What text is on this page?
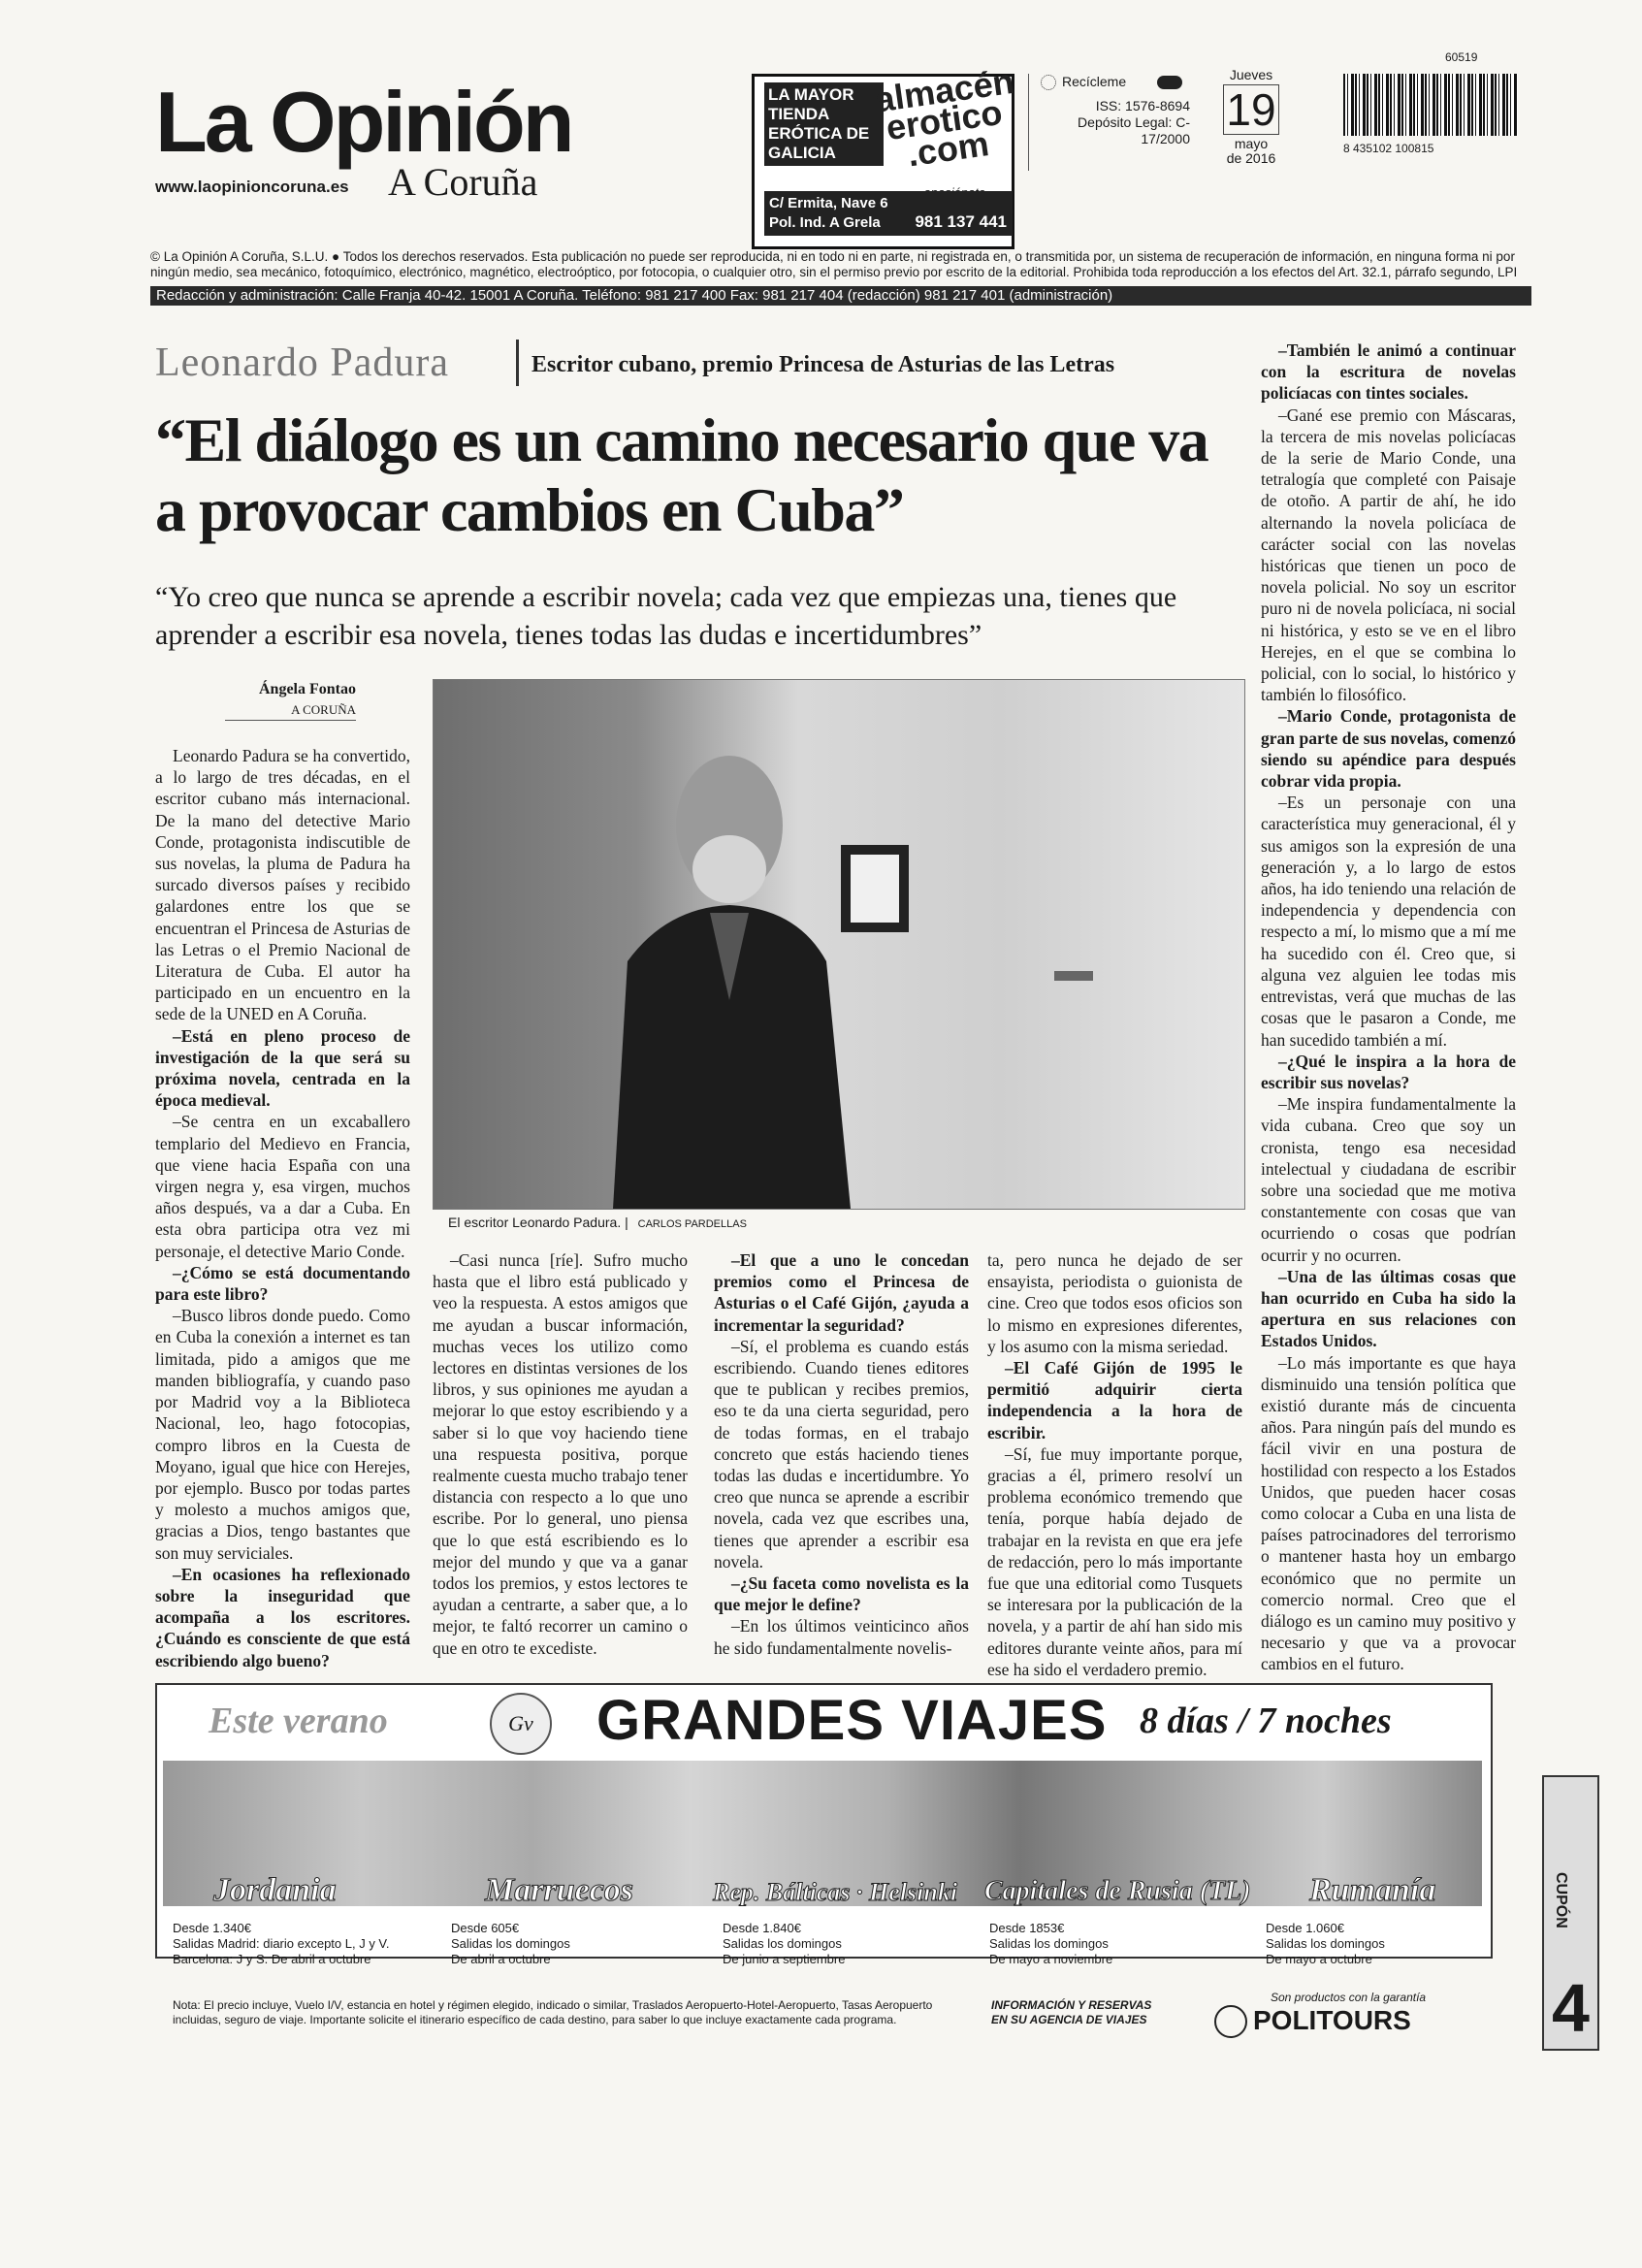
La Opinión
A Coruña
www.laopinioncoruna.es
LA MAYOR TIENDA ERÓTICA DE GALICIA
almacén erotico .com
C/ Ermita, Nave 6 Pol. Ind. A Grela	981 137 441
Recícleme
ISS: 1576-8694
Depósito Legal: C-17/2000
Jueves
19
mayo
de 2016
60519
8 435102 100815
© La Opinión A Coruña, S.L.U. ● Todos los derechos reservados. Esta publicación no puede ser reproducida, ni en todo ni en parte, ni registrada en, o transmitida por, un sistema de recuperación de información, en ninguna forma ni por ningún medio, sea mecánico, fotoquímico, electrónico, magnético, electroóptico, por fotocopia, o cualquier otro, sin el permiso previo por escrito de la editorial. Prohibida toda reproducción a los efectos del Art. 32.1, párrafo segundo, LPI
Redacción y administración: Calle Franja 40-42. 15001 A Coruña. Teléfono: 981 217 400 Fax: 981 217 404 (redacción) 981 217 401 (administración)
Leonardo Padura	Escritor cubano, premio Princesa de Asturias de las Letras
“El diálogo es un camino necesario que va a provocar cambios en Cuba”
“Yo creo que nunca se aprende a escribir novela; cada vez que empiezas una, tienes que aprender a escribir esa novela, tienes todas las dudas e incertidumbres”
Ángela Fontao
A CORUÑA
El escritor Leonardo Padura. | CARLOS PARDELLAS

Leonardo Padura se ha convertido, a lo largo de tres décadas, en el escritor cubano más internacional. De la mano del detective Mario Conde, protagonista indiscutible de sus novelas, la pluma de Padura ha surcado diversos países y recibido galardones entre los que se encuentran el Princesa de Asturias de las Letras o el Premio Nacional de Literatura de Cuba. El autor ha participado en un encuentro en la sede de la UNED en A Coruña.

–Está en pleno proceso de investigación de la que será su próxima novela, centrada en la época medieval.

–Se centra en un excaballero templario del Medievo en Francia, que viene hacia España con una virgen negra y, esa virgen, muchos años después, va a dar a Cuba. En esta obra participa otra vez mi personaje, el detective Mario Conde.

–¿Cómo se está documentando para este libro?

–Busco libros donde puedo. Como en Cuba la conexión a internet es tan limitada, pido a amigos que me manden bibliografía, y cuando paso por Madrid voy a la Biblioteca Nacional, leo, hago fotocopias, compro libros en la Cuesta de Moyano, igual que hice con Herejes, por ejemplo. Busco por todas partes y molesto a muchos amigos que, gracias a Dios, tengo bastantes que son muy serviciales.

–En ocasiones ha reflexionado sobre la inseguridad que acompaña a los escritores. ¿Cuándo es consciente de que está escribiendo algo bueno?

–Casi nunca [ríe]. Sufro mucho hasta que el libro está publicado y veo la respuesta. A estos amigos que me ayudan a buscar información, muchas veces los utilizo como lectores en distintas versiones de los libros, y sus opiniones me ayudan a mejorar lo que estoy escribiendo y a saber si lo que voy haciendo tiene una respuesta positiva, porque realmente cuesta mucho trabajo tener distancia con respecto a lo que uno escribe. Por lo general, uno piensa que lo que está escribiendo es lo mejor del mundo y que va a ganar todos los premios, y estos lectores te ayudan a centrarte, a saber que, a lo mejor, te faltó recorrer un camino o que en otro te excediste.

–El que a uno le concedan premios como el Princesa de Asturias o el Café Gijón, ¿ayuda a incrementar la seguridad?

–Sí, el problema es cuando estás escribiendo. Cuando tienes editores que te publican y recibes premios, eso te da una cierta seguridad, pero de todas formas, en el trabajo concreto que estás haciendo tienes todas las dudas e incertidumbre. Yo creo que nunca se aprende a escribir novela, cada vez que escribes una, tienes que aprender a escribir esa novela.

–¿Su faceta como novelista es la que mejor le define?

–En los últimos veinticinco años he sido fundamentalmente novelis-

ta, pero nunca he dejado de ser ensayista, periodista o guionista de cine. Creo que todos esos oficios son lo mismo en expresiones diferentes, y los asumo con la misma seriedad.

–El Café Gijón de 1995 le permitió adquirir cierta independencia a la hora de escribir.

–Sí, fue muy importante porque, gracias a él, primero resolví un problema económico tremendo que tenía, porque había dejado de trabajar en la revista en que era jefe de redacción, pero lo más importante fue que una editorial como Tusquets se interesara por la publicación de la novela, y a partir de ahí han sido mis editores durante veinte años, para mí ese ha sido el verdadero premio.

–También le animó a continuar con la escritura de novelas policíacas con tintes sociales.

–Gané ese premio con Máscaras, la tercera de mis novelas policíacas de la serie de Mario Conde, una tetralogía que completé con Paisaje de otoño. A partir de ahí, he ido alternando la novela policíaca de carácter social con las novelas históricas que tienen un poco de novela policial. No soy un escritor puro ni de novela policíaca, ni social ni histórica, y esto se ve en el libro Herejes, en el que se combina lo policial, con lo social, lo histórico y también lo filosófico.

–Mario Conde, protagonista de gran parte de sus novelas, comenzó siendo su apéndice para después cobrar vida propia.

–Es un personaje con una característica muy generacional, él y sus amigos son la expresión de una generación y, a lo largo de estos años, ha ido teniendo una relación de independencia y dependencia con respecto a mí, lo mismo que a mí me ha sucedido con él. Creo que, si alguna vez alguien lee todas mis entrevistas, verá que muchas de las cosas que le pasaron a Conde, me han sucedido también a mí.

–¿Qué le inspira a la hora de escribir sus novelas?

–Me inspira fundamentalmente la vida cubana. Creo que soy un cronista, tengo esa necesidad intelectual y ciudadana de escribir sobre una sociedad que me motiva constantemente con cosas que van ocurriendo o cosas que podrían ocurrir y no ocurren.

–Una de las últimas cosas que han ocurrido en Cuba ha sido la apertura en sus relaciones con Estados Unidos.

–Lo más importante es que haya disminuido una tensión política que existió durante más de cincuenta años. Para ningún país del mundo es fácil vivir en una postura de hostilidad con respecto a los Estados Unidos, que pueden hacer cosas como colocar a Cuba en una lista de países patrocinadores del terrorismo o mantener hasta hoy un embargo económico que no permite un comercio normal. Creo que el diálogo es un camino muy positivo y necesario y que va a provocar cambios en el futuro.

Este verano	Gv	GRANDES VIAJES 8 días / 7 noches
Jordania	Marruecos	Rep. Bálticas · Helsinki Capitales de Rusia (TL) Rumanía
Desde 1.340€
Salidas Madrid: diario excepto L, J y V.
Barcelona: J y S. De abril a octubre
Desde 605€
Salidas los domingos
De abril a octubre
Desde 1.840€
Salidas los domingos
De junio a septiembre
Desde 1853€
Salidas los domingos
De mayo a noviembre
Desde 1.060€
Salidas los domingos
De mayo a octubre
Nota: El precio incluye, Vuelo I/V, estancia en hotel y régimen elegido, indicado o similar, Traslados Aeropuerto-Hotel-Aeropuerto, Tasas Aeropuerto incluidas, seguro de viaje. Importante solicite el itinerario específico de cada destino, para saber lo que incluye exactamente cada programa.
INFORMACIÓN Y RESERVAS EN SU AGENCIA DE VIAJES
Son productos con la garantía
POLITOURS
CUPÓN
4
